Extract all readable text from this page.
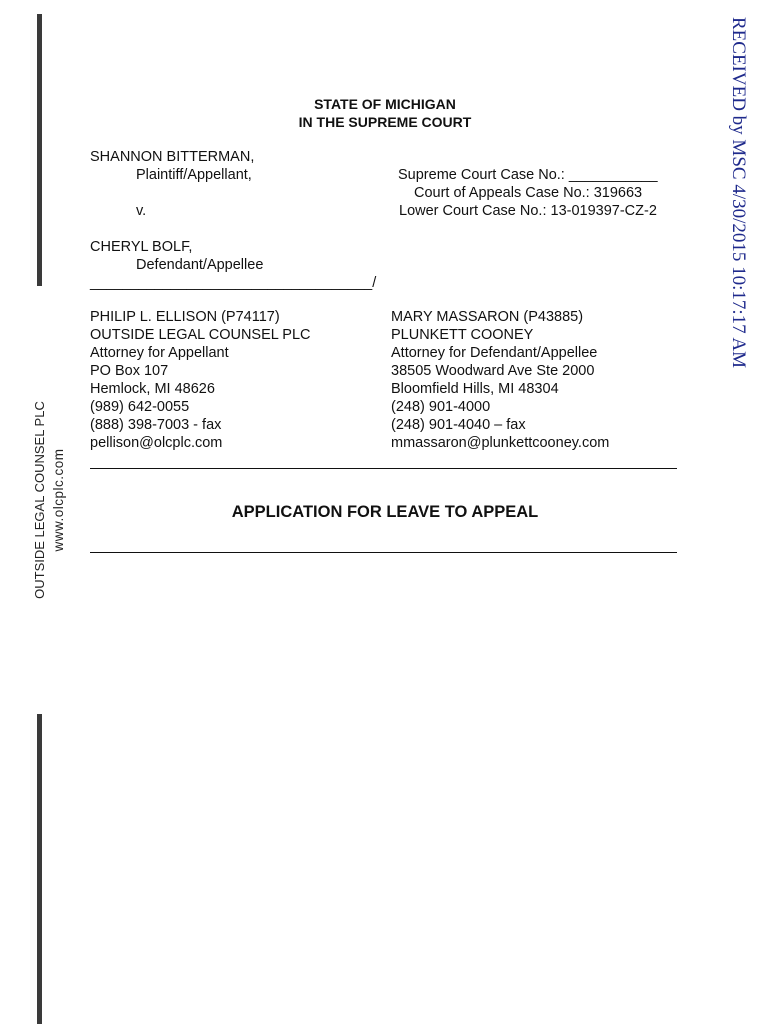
OUTSIDE LEGAL COUNSEL PLC www.olcplc.com
RECEIVED by MSC 4/30/2015 10:17:17 AM
STATE OF MICHIGAN
IN THE SUPREME COURT
SHANNON BITTERMAN,
Plaintiff/Appellant,
v.
CHERYL BOLF,
Defendant/Appellee
___________________________________/
Supreme Court Case No.: ___________
Court of Appeals Case No.: 319663
Lower Court Case No.: 13-019397-CZ-2
PHILIP L. ELLISON (P74117)
OUTSIDE LEGAL COUNSEL PLC
Attorney for Appellant
PO Box 107
Hemlock, MI 48626
(989) 642-0055
(888) 398-7003 - fax
pellison@olcplc.com
MARY MASSARON (P43885)
PLUNKETT COONEY
Attorney for Defendant/Appellee
38505 Woodward Ave Ste 2000
Bloomfield Hills, MI 48304
(248) 901-4000
(248) 901-4040 – fax
mmassaron@plunkettcooney.com
APPLICATION FOR LEAVE TO APPEAL
